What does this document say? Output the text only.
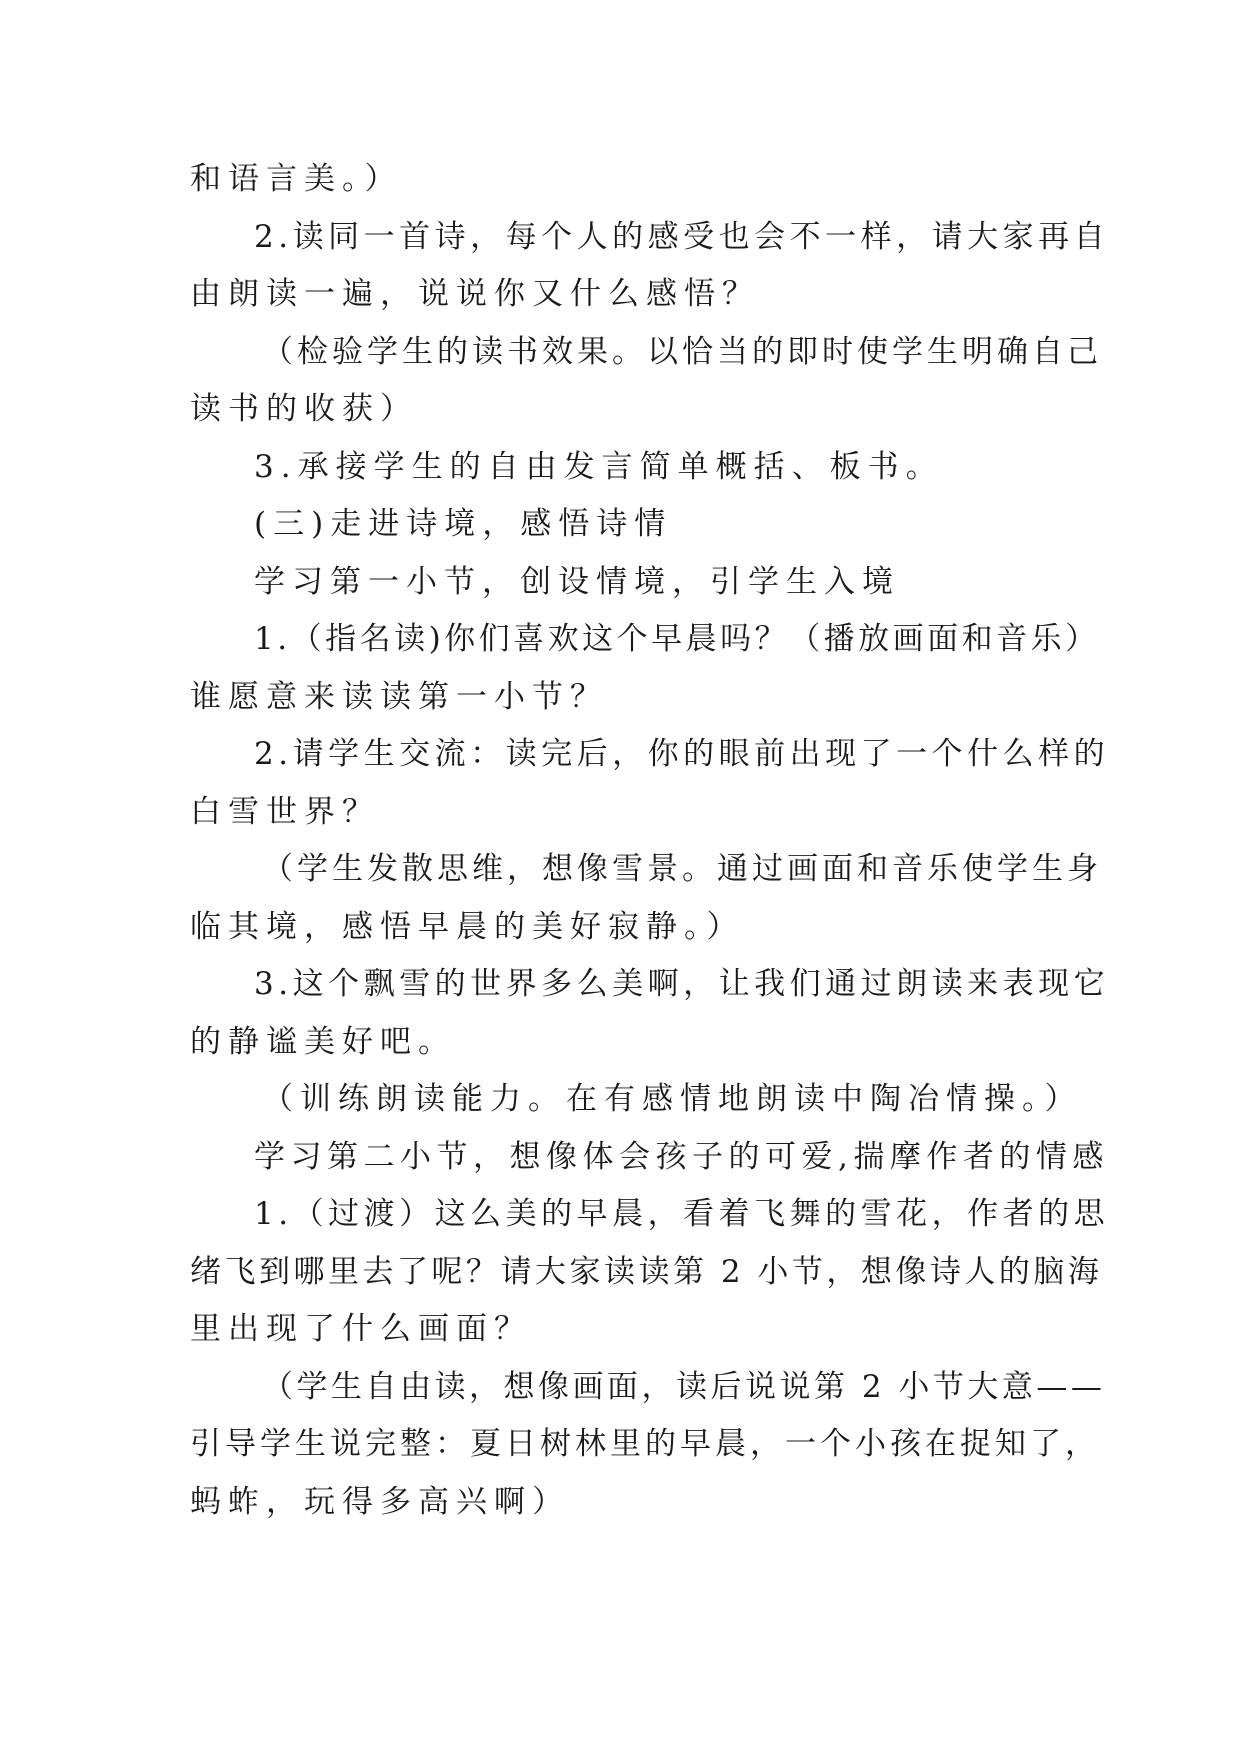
和语言美。）
2.读同一首诗，每个人的感受也会不一样，请大家再自
由朗读一遍，说说你又什么感悟？
（检验学生的读书效果。以恰当的即时使学生明确自己
读书的收获）
3.承接学生的自由发言简单概括、板书。
(三)走进诗境，感悟诗情
学习第一小节，创设情境，引学生入境
1.（指名读)你们喜欢这个早晨吗？（播放画面和音乐）
谁愿意来读读第一小节？
2.请学生交流：读完后，你的眼前出现了一个什么样的
白雪世界？
（学生发散思维，想像雪景。通过画面和音乐使学生身
临其境，感悟早晨的美好寂静。）
3.这个飘雪的世界多么美啊，让我们通过朗读来表现它
的静谧美好吧。
（训练朗读能力。在有感情地朗读中陶冶情操。）
学习第二小节，想像体会孩子的可爱,揣摩作者的情感
1.（过渡）这么美的早晨，看着飞舞的雪花，作者的思
绪飞到哪里去了呢？请大家读读第 2 小节，想像诗人的脑海
里出现了什么画面？
（学生自由读，想像画面，读后说说第 2 小节大意——
引导学生说完整：夏日树林里的早晨，一个小孩在捉知了，
蚂蚱，玩得多高兴啊）
